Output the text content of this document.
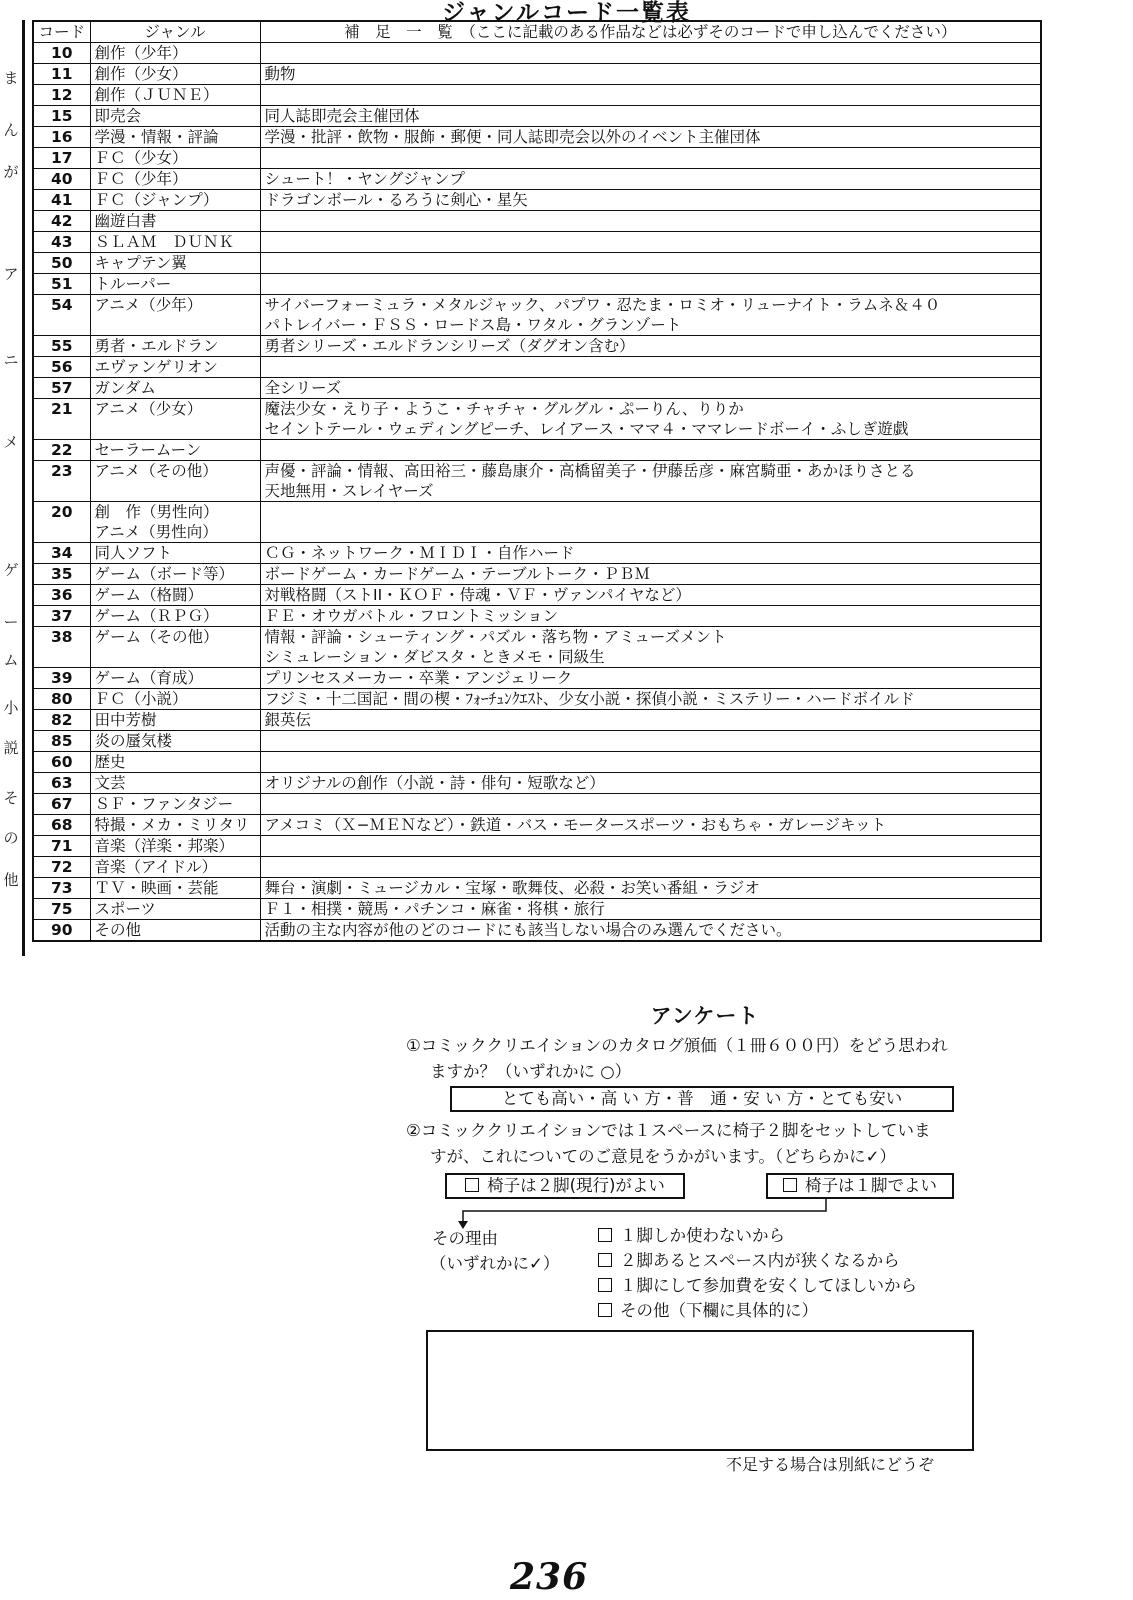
ジャンルコード一覧表
ま
ん
が
ア
ニ
メ
ゲ
ー
ム
小
説
そ
の
他
コード	ジャンル	補　足　一　覧　（ここに記載のある作品などは必ずそのコードで申し込んでください）
10	創作（少年）	

11	創作（少女）	動物

12	創作（ＪＵＮＥ）	

15	即売会	同人誌即売会主催団体

16	学漫・情報・評論	学漫・批評・飲物・服飾・郵便・同人誌即売会以外のイベント主催団体

17	ＦＣ（少女）	

40	ＦＣ（少年）	シュート！・ヤングジャンプ

41	ＦＣ（ジャンプ）	ドラゴンボール・るろうに剣心・星矢

42	幽遊白書	

43	ＳＬＡＭ　ＤＵＮＫ	

50	キャプテン翼	

51	トルーパー	

54	アニメ（少年）	サイバーフォーミュラ・メタルジャック、パプワ・忍たま・ロミオ・リューナイト・ラムネ＆４０
パトレイバー・ＦＳＳ・ロードス島・ワタル・グランゾート

55	勇者・エルドラン	勇者シリーズ・エルドランシリーズ（ダグオン含む）

56	エヴァンゲリオン	

57	ガンダム	全シリーズ

21	アニメ（少女）	魔法少女・えり子・ようこ・チャチャ・グルグル・ぷーりん、りりか
セイントテール・ウェディングピーチ、レイアース・ママ４・ママレードボーイ・ふしぎ遊戯

22	セーラームーン	

23	アニメ（その他）	声優・評論・情報、高田裕三・藤島康介・高橋留美子・伊藤岳彦・麻宮騎亜・あかほりさとる
天地無用・スレイヤーズ

20	創　作（男性向）
アニメ（男性向）	

34	同人ソフト	ＣＧ・ネットワーク・ＭＩＤＩ・自作ハード

35	ゲーム（ボード等）	ボードゲーム・カードゲーム・テーブルトーク・ＰＢＭ

36	ゲーム（格闘）	対戦格闘（ストII・ＫＯＦ・侍魂・ＶＦ・ヴァンパイヤなど）

37	ゲーム（ＲＰＧ）	ＦＥ・オウガバトル・フロントミッション

38	ゲーム（その他）	情報・評論・シューティング・パズル・落ち物・アミューズメント
シミュレーション・ダビスタ・ときメモ・同級生

39	ゲーム（育成）	プリンセスメーカー・卒業・アンジェリーク

80	ＦＣ（小説）	フジミ・十二国記・間の楔・ﾌｫｰﾁｭﾝｸｴｽﾄ、少女小説・探偵小説・ミステリー・ハードボイルド

82	田中芳樹	銀英伝

85	炎の蜃気楼	

60	歴史	

63	文芸	オリジナルの創作（小説・詩・俳句・短歌など）

67	ＳＦ・ファンタジー	

68	特撮・メカ・ミリタリ	アメコミ（Ｘ−ＭＥＮなど）・鉄道・バス・モータースポーツ・おもちゃ・ガレージキット

71	音楽（洋楽・邦楽）	

72	音楽（アイドル）	

73	ＴＶ・映画・芸能	舞台・演劇・ミュージカル・宝塚・歌舞伎、必殺・お笑い番組・ラジオ

75	スポーツ	Ｆ１・相撲・競馬・パチンコ・麻雀・将棋・旅行

90	その他	活動の主な内容が他のどのコードにも該当しない場合のみ選んでください。
アンケート
①コミッククリエイションのカタログ頒価（１冊６００円）をどう思われ
ますか？（いずれかに ○）
とても高い・高 い 方・普　通・安 い 方・とても安い
②コミッククリエイションでは１スペースに椅子２脚をセットしていま
すが、これについてのご意見をうかがいます。（どちらかに✓）
椅子は２脚(現行)がよい	椅子は１脚でよい
その理由
（いずれかに✓）
１脚しか使わないから
２脚あるとスペース内が狭くなるから
１脚にして参加費を安くしてほしいから
その他（下欄に具体的に）
不足する場合は別紙にどうぞ
236
